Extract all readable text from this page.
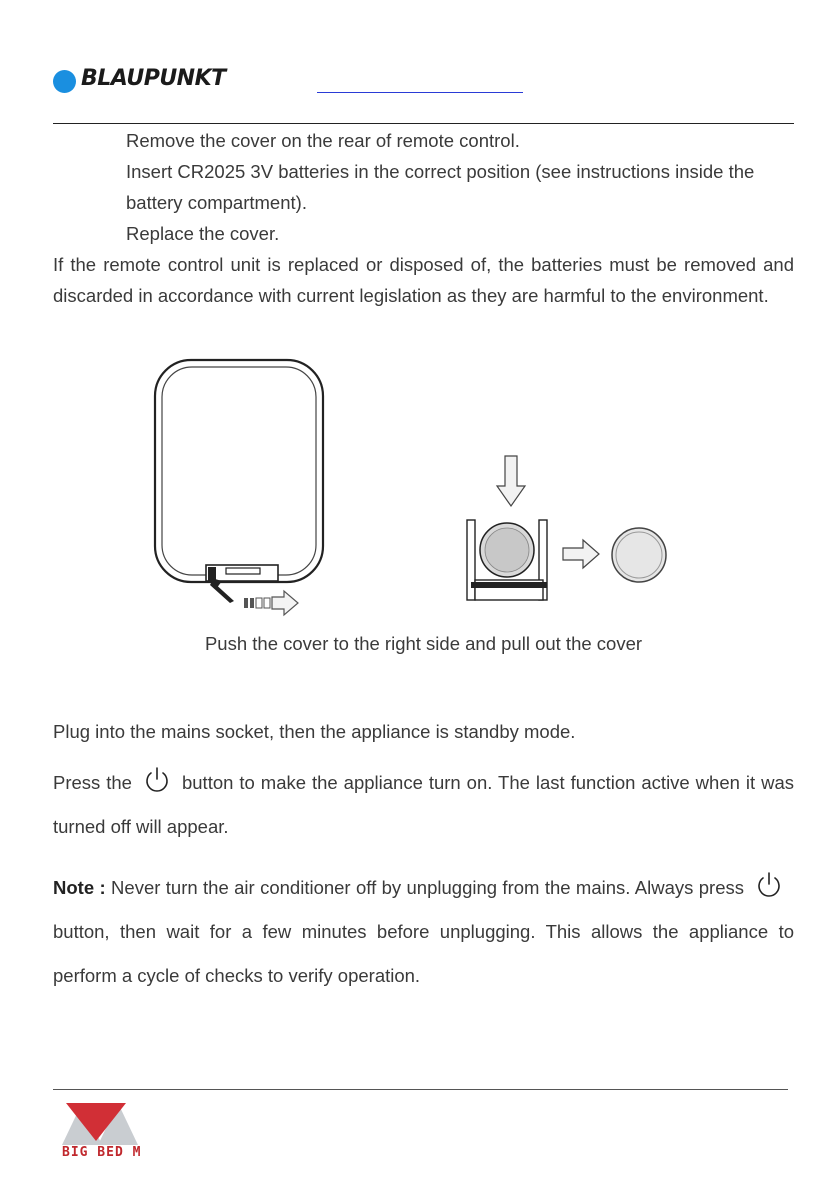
BLAUPUNKT
Remove the cover on the rear of remote control.
Insert CR2025 3V batteries in the correct position (see instructions inside the battery compartment).
Replace the cover.
If the remote control unit is replaced or disposed of, the batteries must be removed and discarded in accordance with current legislation as they are harmful to the environment.
Push the cover to the right side and pull out the cover
Plug into the mains socket, then the appliance is standby mode.
Press the	button to make the appliance turn on. The last function active when it was turned off will appear.
Note : Never turn the air conditioner off by unplugging from the mains. Always pressbutton, then wait for a few minutes before unplugging. This allows the appliance to perform a cycle of checks to verify operation.
BIG BED M
